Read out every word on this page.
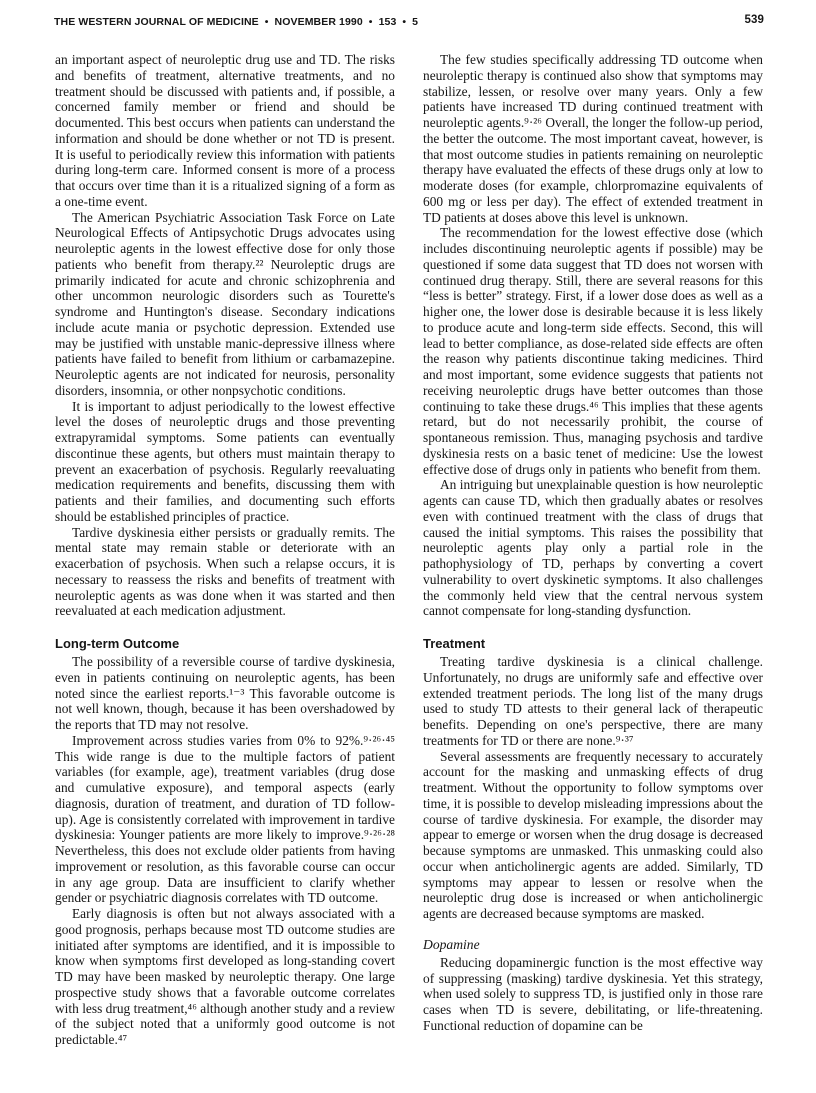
THE WESTERN JOURNAL OF MEDICINE • NOVEMBER 1990 • 153 • 5	539

an important aspect of neuroleptic drug use and TD. The risks and benefits of treatment, alternative treatments, and no treatment should be discussed with patients and, if possible, a concerned family member or friend and should be documented. This best occurs when patients can understand the information and should be done whether or not TD is present. It is useful to periodically review this information with patients during long-term care. Informed consent is more of a process that occurs over time than it is a ritualized signing of a form as a one-time event.

The American Psychiatric Association Task Force on Late Neurological Effects of Antipsychotic Drugs advocates using neuroleptic agents in the lowest effective dose for only those patients who benefit from therapy.²² Neuroleptic drugs are primarily indicated for acute and chronic schizophrenia and other uncommon neurologic disorders such as Tourette's syndrome and Huntington's disease. Secondary indications include acute mania or psychotic depression. Extended use may be justified with unstable manic-depressive illness where patients have failed to benefit from lithium or carbamazepine. Neuroleptic agents are not indicated for neurosis, personality disorders, insomnia, or other nonpsychotic conditions.

It is important to adjust periodically to the lowest effective level the doses of neuroleptic drugs and those preventing extrapyramidal symptoms. Some patients can eventually discontinue these agents, but others must maintain therapy to prevent an exacerbation of psychosis. Regularly reevaluating medication requirements and benefits, discussing them with patients and their families, and documenting such efforts should be established principles of practice.

Tardive dyskinesia either persists or gradually remits. The mental state may remain stable or deteriorate with an exacerbation of psychosis. When such a relapse occurs, it is necessary to reassess the risks and benefits of treatment with neuroleptic agents as was done when it was started and then reevaluated at each medication adjustment.

Long-term Outcome

The possibility of a reversible course of tardive dyskinesia, even in patients continuing on neuroleptic agents, has been noted since the earliest reports.¹⁻³ This favorable outcome is not well known, though, because it has been overshadowed by the reports that TD may not resolve.

Improvement across studies varies from 0% to 92%.⁹·²⁶·⁴⁵ This wide range is due to the multiple factors of patient variables (for example, age), treatment variables (drug dose and cumulative exposure), and temporal aspects (early diagnosis, duration of treatment, and duration of TD follow-up). Age is consistently correlated with improvement in tardive dyskinesia: Younger patients are more likely to improve.⁹·²⁶·²⁸ Nevertheless, this does not exclude older patients from having improvement or resolution, as this favorable course can occur in any age group. Data are insufficient to clarify whether gender or psychiatric diagnosis correlates with TD outcome.

Early diagnosis is often but not always associated with a good prognosis, perhaps because most TD outcome studies are initiated after symptoms are identified, and it is impossible to know when symptoms first developed as long-standing covert TD may have been masked by neuroleptic therapy. One large prospective study shows that a favorable outcome correlates with less drug treatment,⁴⁶ although another study and a review of the subject noted that a uniformly good outcome is not predictable.⁴⁷

The few studies specifically addressing TD outcome when neuroleptic therapy is continued also show that symptoms may stabilize, lessen, or resolve over many years. Only a few patients have increased TD during continued treatment with neuroleptic agents.⁹·²⁶ Overall, the longer the follow-up period, the better the outcome. The most important caveat, however, is that most outcome studies in patients remaining on neuroleptic therapy have evaluated the effects of these drugs only at low to moderate doses (for example, chlorpromazine equivalents of 600 mg or less per day). The effect of extended treatment in TD patients at doses above this level is unknown.

The recommendation for the lowest effective dose (which includes discontinuing neuroleptic agents if possible) may be questioned if some data suggest that TD does not worsen with continued drug therapy. Still, there are several reasons for this “less is better” strategy. First, if a lower dose does as well as a higher one, the lower dose is desirable because it is less likely to produce acute and long-term side effects. Second, this will lead to better compliance, as dose-related side effects are often the reason why patients discontinue taking medicines. Third and most important, some evidence suggests that patients not receiving neuroleptic drugs have better outcomes than those continuing to take these drugs.⁴⁶ This implies that these agents retard, but do not necessarily prohibit, the course of spontaneous remission. Thus, managing psychosis and tardive dyskinesia rests on a basic tenet of medicine: Use the lowest effective dose of drugs only in patients who benefit from them.

An intriguing but unexplainable question is how neuroleptic agents can cause TD, which then gradually abates or resolves even with continued treatment with the class of drugs that caused the initial symptoms. This raises the possibility that neuroleptic agents play only a partial role in the pathophysiology of TD, perhaps by converting a covert vulnerability to overt dyskinetic symptoms. It also challenges the commonly held view that the central nervous system cannot compensate for long-standing dysfunction.

Treatment

Treating tardive dyskinesia is a clinical challenge. Unfortunately, no drugs are uniformly safe and effective over extended treatment periods. The long list of the many drugs used to study TD attests to their general lack of therapeutic benefits. Depending on one's perspective, there are many treatments for TD or there are none.⁹·³⁷

Several assessments are frequently necessary to accurately account for the masking and unmasking effects of drug treatment. Without the opportunity to follow symptoms over time, it is possible to develop misleading impressions about the course of tardive dyskinesia. For example, the disorder may appear to emerge or worsen when the drug dosage is decreased because symptoms are unmasked. This unmasking could also occur when anticholinergic agents are added. Similarly, TD symptoms may appear to lessen or resolve when the neuroleptic drug dose is increased or when anticholinergic agents are decreased because symptoms are masked.

Dopamine

Reducing dopaminergic function is the most effective way of suppressing (masking) tardive dyskinesia. Yet this strategy, when used solely to suppress TD, is justified only in those rare cases when TD is severe, debilitating, or life-threatening. Functional reduction of dopamine can be
